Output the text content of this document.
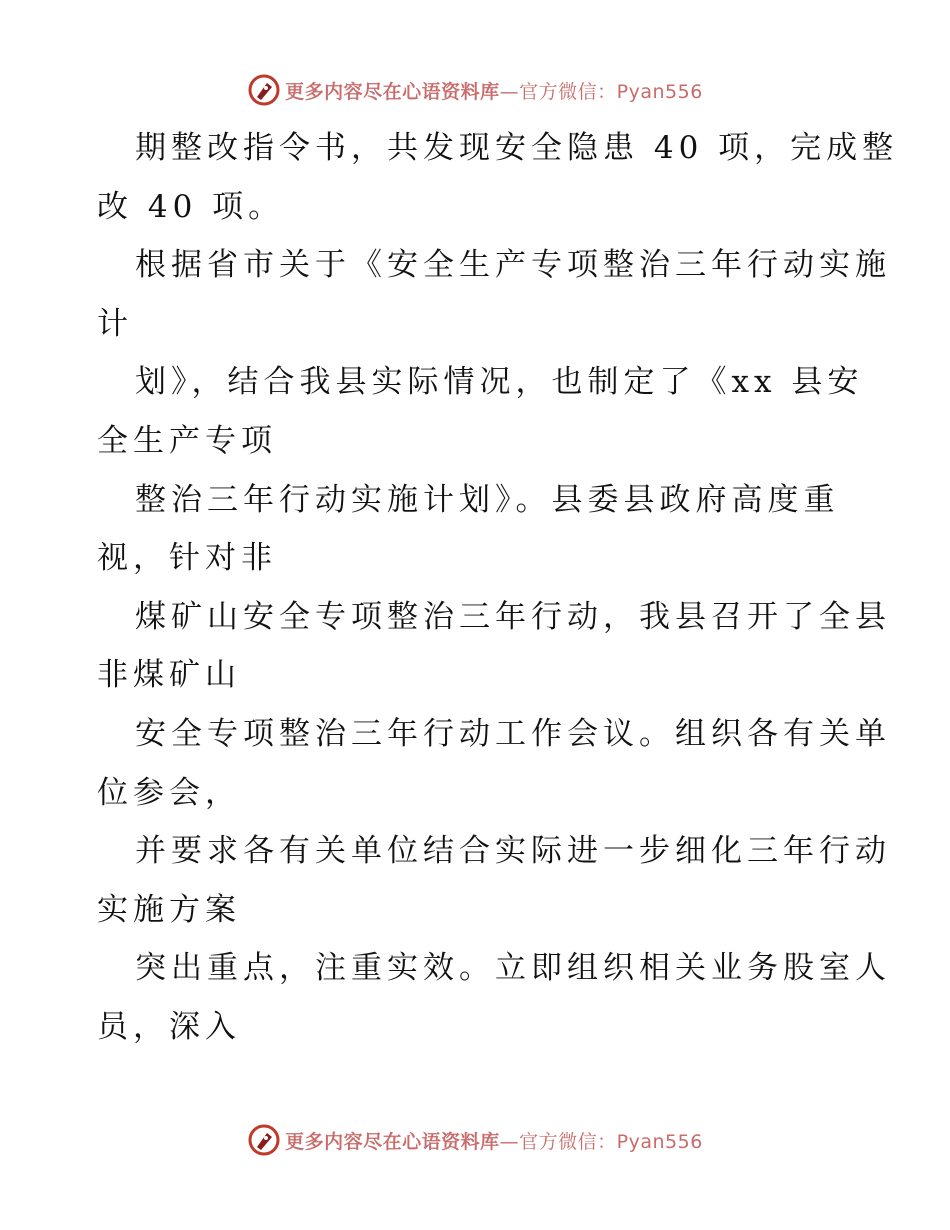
更多内容尽在心语资料库—官方微信：Pyan556
期整改指令书，共发现安全隐患 40 项，完成整
改 40 项。
根据省市关于《安全生产专项整治三年行动实施
计
划》，结合我县实际情况，也制定了《xx 县安
全生产专项
整治三年行动实施计划》。县委县政府高度重
视，针对非
煤矿山安全专项整治三年行动，我县召开了全县
非煤矿山
安全专项整治三年行动工作会议。组织各有关单
位参会，
并要求各有关单位结合实际进一步细化三年行动
实施方案
突出重点，注重实效。立即组织相关业务股室人
员，深入
更多内容尽在心语资料库—官方微信：Pyan556
